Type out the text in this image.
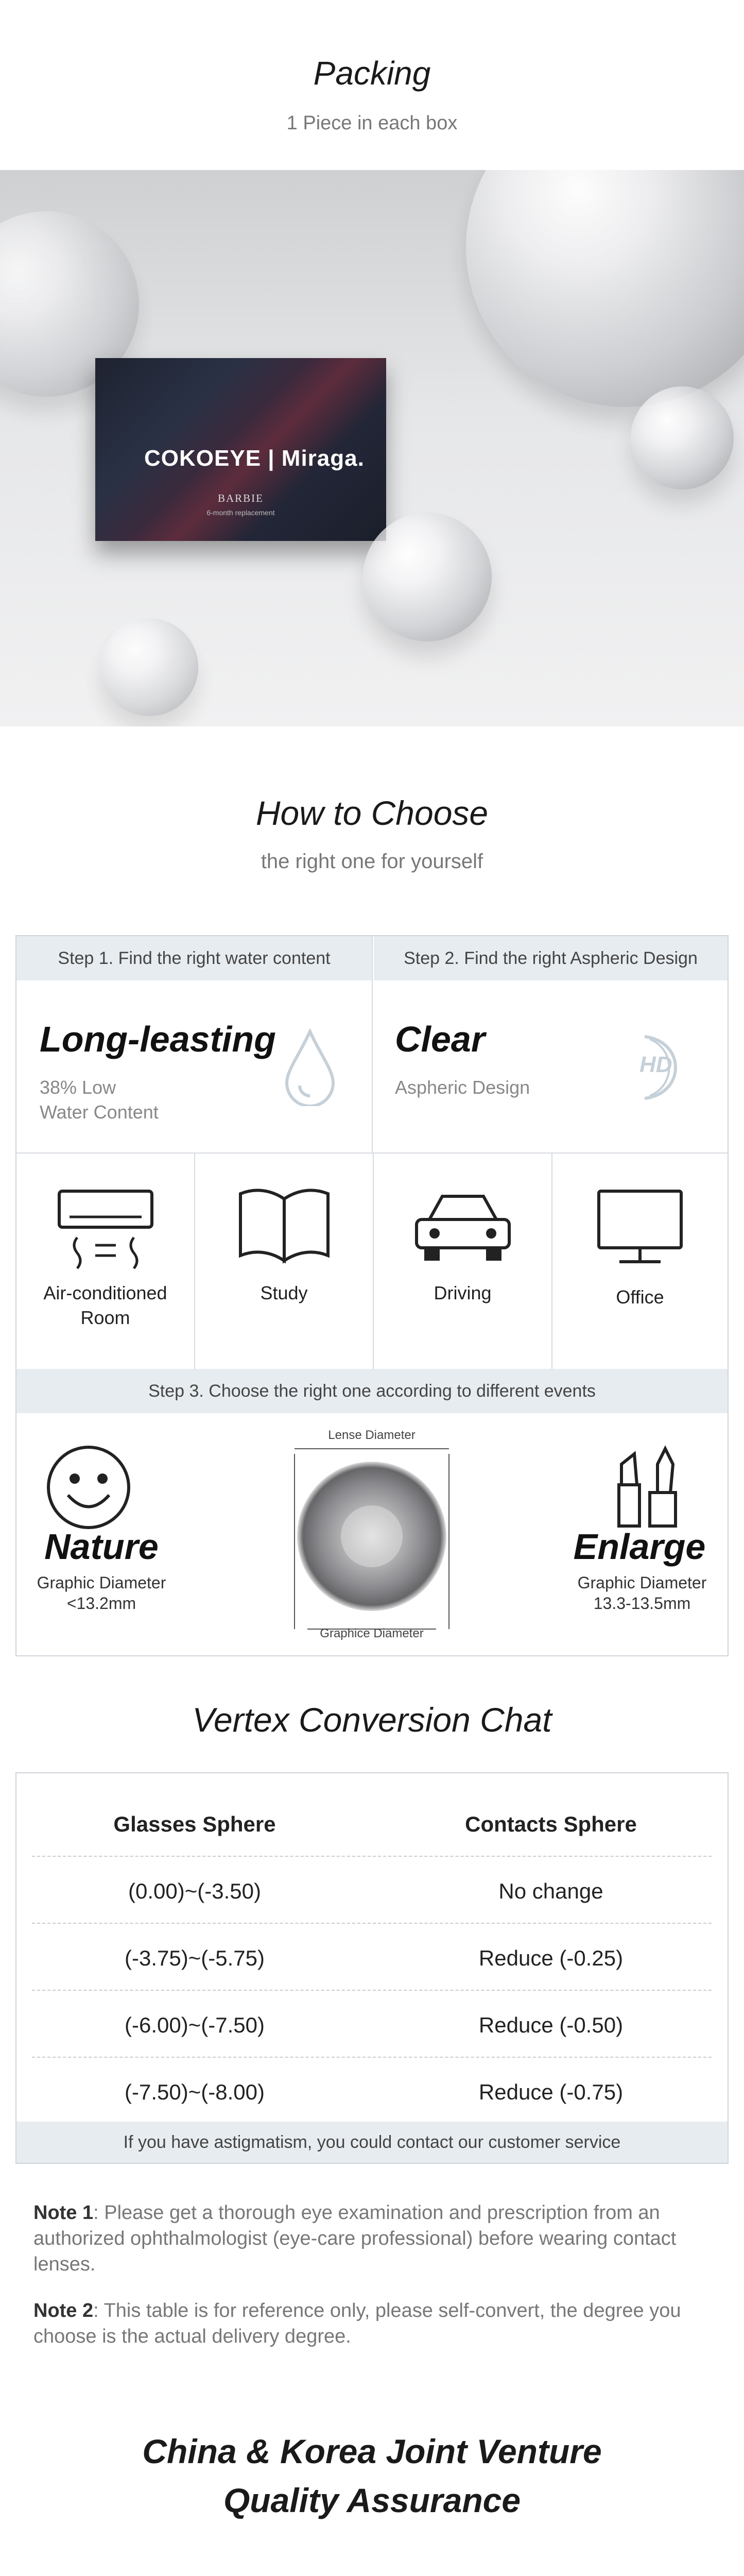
Packing
1 Piece in each box
COKOEYE | Miraga.
BARBIE
6-month replacement
How to Choose
the right one for yourself
Step 1. Find the right water content	Step 2. Find the right Aspheric Design
Long-leasting
38% Low
Water Content
Clear
Aspheric Design
HD
Air-conditioned
Room
Study	Driving	Office
Step 3. Choose the right one according to different events
Nature
Graphic Diameter
<13.2mm
Lense Diameter
Graphice Diameter
Enlarge
Graphic Diameter
13.3-13.5mm
Vertex Conversion Chat
Glasses Sphere	Contacts Sphere
(0.00)~(-3.50)	No change
(-3.75)~(-5.75)	Reduce (-0.25)
(-6.00)~(-7.50)	Reduce (-0.50)
(-7.50)~(-8.00)	Reduce (-0.75)
If you have astigmatism, you could contact our customer service
Note 1: Please get a thorough eye examination and prescription from an authorized ophthalmologist (eye-care professional) before wearing contact lenses.
Note 2: This table is for reference only, please self-convert, the degree you choose is the actual delivery degree.
China & Korea Joint Venture
Quality Assurance
